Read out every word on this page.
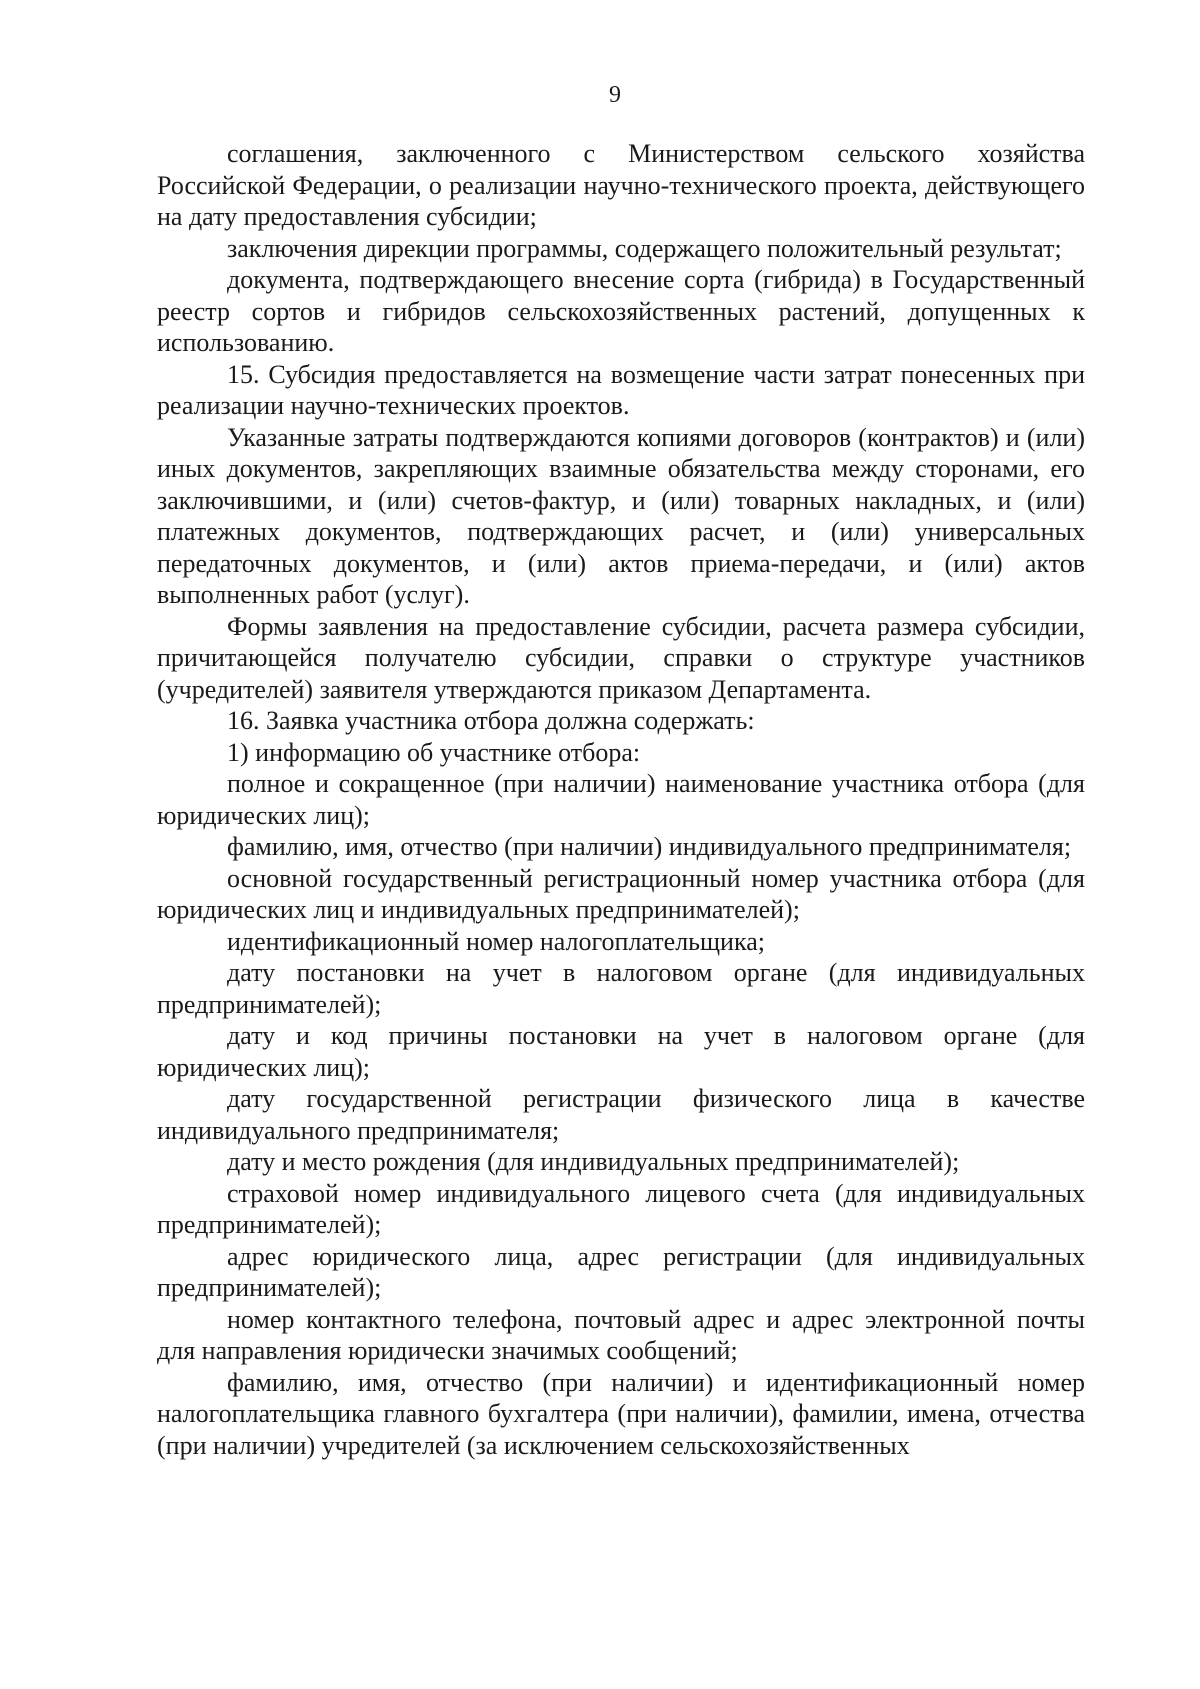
9

соглашения, заключенного с Министерством сельского хозяйства Российской Федерации, о реализации научно-технического проекта, действующего на дату предоставления субсидии;

заключения дирекции программы, содержащего положительный результат;

документа, подтверждающего внесение сорта (гибрида) в Государственный реестр сортов и гибридов сельскохозяйственных растений, допущенных к использованию.

15. Субсидия предоставляется на возмещение части затрат понесенных при реализации научно-технических проектов.

Указанные затраты подтверждаются копиями договоров (контрактов) и (или) иных документов, закрепляющих взаимные обязательства между сторонами, его заключившими, и (или) счетов-фактур, и (или) товарных накладных, и (или) платежных документов, подтверждающих расчет, и (или) универсальных передаточных документов, и (или) актов приема-передачи, и (или) актов выполненных работ (услуг).

Формы заявления на предоставление субсидии, расчета размера субсидии, причитающейся получателю субсидии, справки о структуре участников (учредителей) заявителя утверждаются приказом Департамента.

16. Заявка участника отбора должна содержать:

1) информацию об участнике отбора:

полное и сокращенное (при наличии) наименование участника отбора (для юридических лиц);

фамилию, имя, отчество (при наличии) индивидуального предпринимателя;

основной государственный регистрационный номер участника отбора (для юридических лиц и индивидуальных предпринимателей);

идентификационный номер налогоплательщика;

дату постановки на учет в налоговом органе (для индивидуальных предпринимателей);

дату и код причины постановки на учет в налоговом органе (для юридических лиц);

дату государственной регистрации физического лица в качестве индивидуального предпринимателя;

дату и место рождения (для индивидуальных предпринимателей);

страховой номер индивидуального лицевого счета (для индивидуальных предпринимателей);

адрес юридического лица, адрес регистрации (для индивидуальных предпринимателей);

номер контактного телефона, почтовый адрес и адрес электронной почты для направления юридически значимых сообщений;

фамилию, имя, отчество (при наличии) и идентификационный номер налогоплательщика главного бухгалтера (при наличии), фамилии, имена, отчества (при наличии) учредителей (за исключением сельскохозяйственных
